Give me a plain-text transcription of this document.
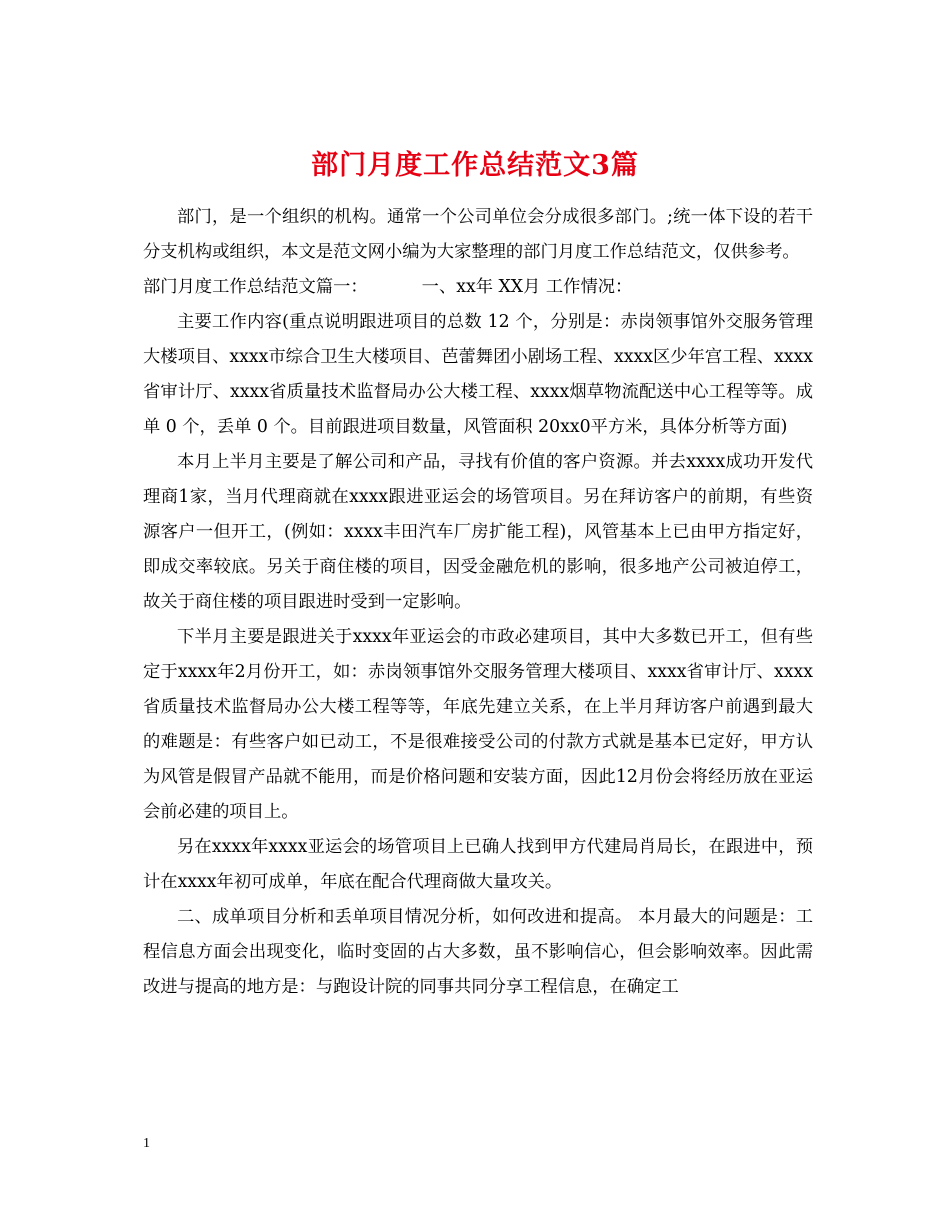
部门月度工作总结范文3篇

部门，是一个组织的机构。通常一个公司单位会分成很多部门。;统一体下设的若干分支机构或组织，本文是范文网小编为大家整理的部门月度工作总结范文，仅供参考。

部门月度工作总结范文篇一：	一、xx年 XX月 工作情况：

主要工作内容(重点说明跟进项目的总数 12 个，分别是：赤岗领事馆外交服务管理大楼项目、xxxx市综合卫生大楼项目、芭蕾舞团小剧场工程、xxxx区少年宫工程、xxxx省审计厅、xxxx省质量技术监督局办公大楼工程、xxxx烟草物流配送中心工程等等。成单 0 个，丢单 0 个。目前跟进项目数量，风管面积 20xx0平方米，具体分析等方面)

本月上半月主要是了解公司和产品，寻找有价值的客户资源。并去xxxx成功开发代理商1家，当月代理商就在xxxx跟进亚运会的场管项目。另在拜访客户的前期，有些资源客户一但开工，(例如：xxxx丰田汽车厂房扩能工程)，风管基本上已由甲方指定好，即成交率较底。另关于商住楼的项目，因受金融危机的影响，很多地产公司被迫停工，故关于商住楼的项目跟进时受到一定影响。

下半月主要是跟进关于xxxx年亚运会的市政必建项目，其中大多数已开工，但有些定于xxxx年2月份开工，如：赤岗领事馆外交服务管理大楼项目、xxxx省审计厅、xxxx省质量技术监督局办公大楼工程等等，年底先建立关系，在上半月拜访客户前遇到最大的难题是：有些客户如已动工，不是很难接受公司的付款方式就是基本已定好，甲方认为风管是假冒产品就不能用，而是价格问题和安装方面，因此12月份会将经历放在亚运会前必建的项目上。

另在xxxx年xxxx亚运会的场管项目上已确人找到甲方代建局肖局长，在跟进中，预计在xxxx年初可成单，年底在配合代理商做大量攻关。

二、成单项目分析和丢单项目情况分析，如何改进和提高。 本月最大的问题是：工程信息方面会出现变化，临时变固的占大多数，虽不影响信心，但会影响效率。因此需改进与提高的地方是：与跑设计院的同事共同分享工程信息，在确定工

1
